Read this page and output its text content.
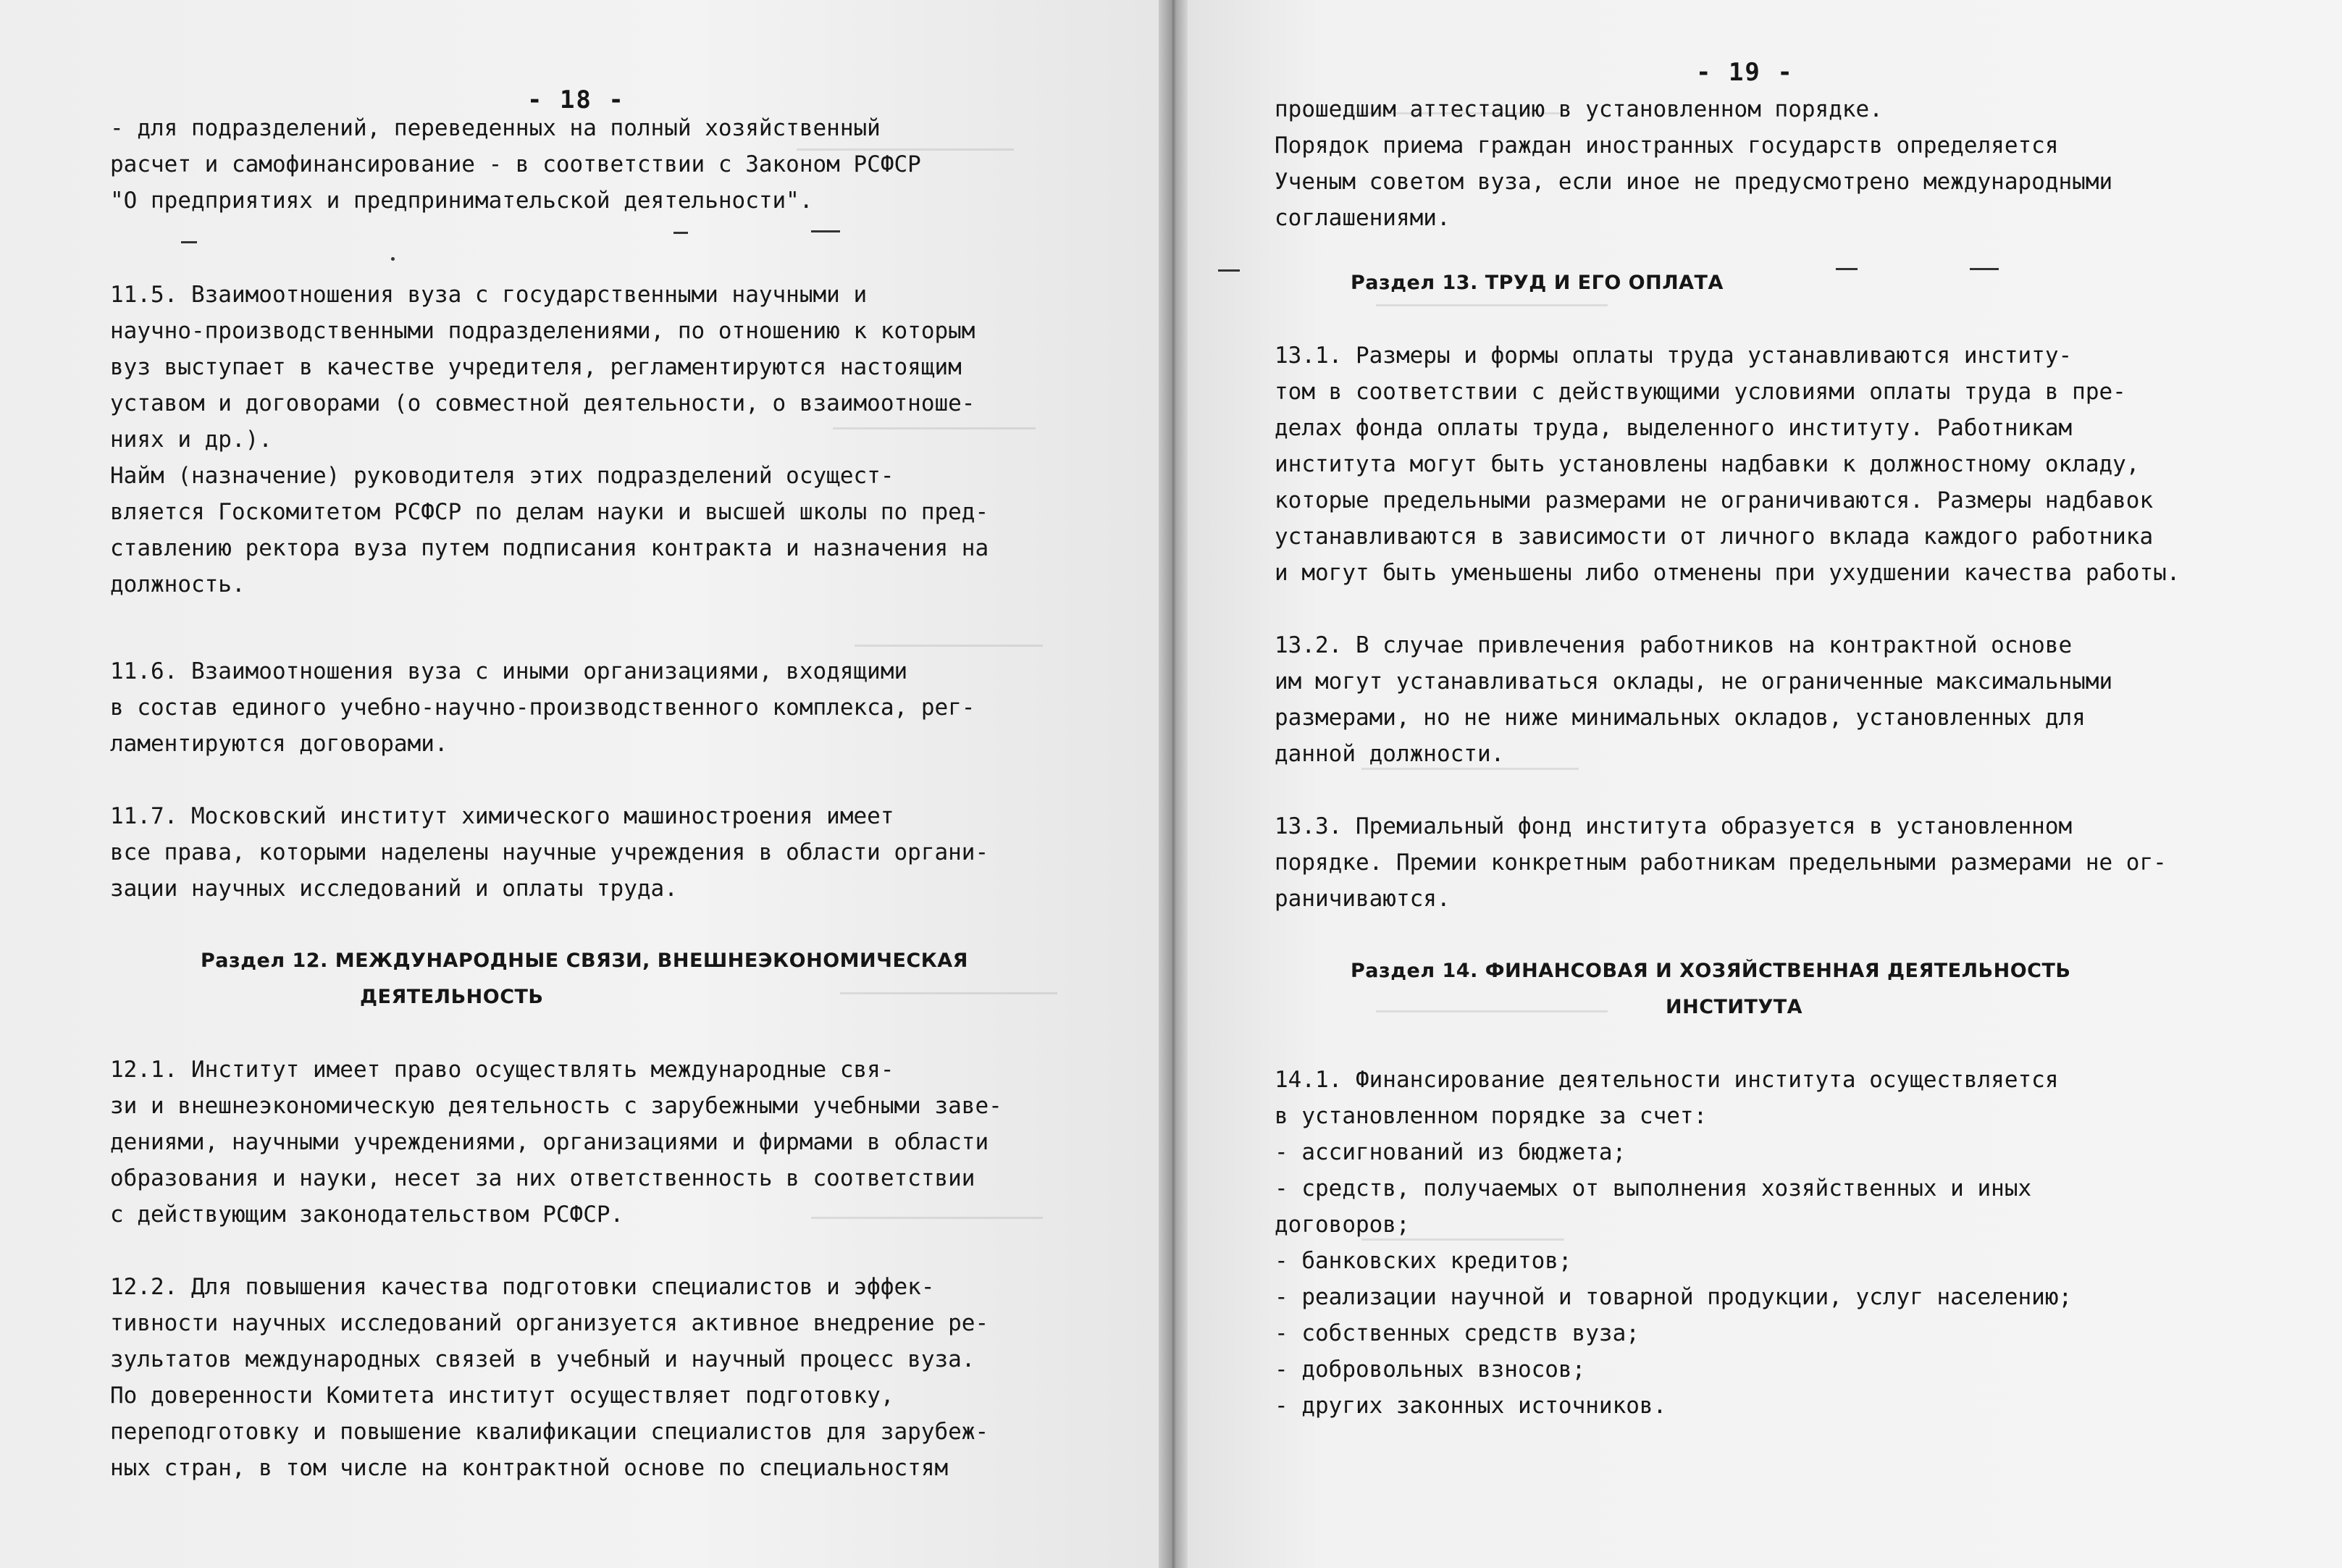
- 18 -

- для подразделений, переведенных на полный хозяйственный

расчет и самофинансирование - в соответствии с Законом РСФСР

"О предприятиях и предпринимательской деятельности".

11.5. Взаимоотношения вуза с государственными научными и

научно-производственными подразделениями, по отношению к которым

вуз выступает в качестве учредителя, регламентируются настоящим

уставом и договорами (о совместной деятельности, о взаимоотноше-

ниях и др.).

Найм (назначение) руководителя этих подразделений осущест-

вляется Госкомитетом РСФСР по делам науки и высшей школы по пред-

ставлению ректора вуза путем подписания контракта и назначения на

должность.

11.6. Взаимоотношения вуза с иными организациями, входящими

в состав единого учебно-научно-производственного комплекса, рег-

ламентируются договорами.

11.7. Московский институт химического машиностроения имеет

все права, которыми наделены научные учреждения в области органи-

зации научных исследований и оплаты труда.

Раздел 12. МЕЖДУНАРОДНЫЕ СВЯЗИ, ВНЕШНЕЭКОНОМИЧЕСКАЯ

ДЕЯТЕЛЬНОСТЬ

12.1. Институт имеет право осуществлять международные свя-

зи и внешнеэкономическую деятельность с зарубежными учебными заве-

дениями, научными учреждениями, организациями и фирмами в области

образования и науки, несет за них ответственность в соответствии

с действующим законодательством РСФСР.

12.2. Для повышения качества подготовки специалистов и эффек-

тивности научных исследований организуется активное внедрение ре-

зультатов международных связей в учебный и научный процесс вуза.

По доверенности Комитета институт осуществляет подготовку,

переподготовку и повышение квалификации специалистов для зарубеж-

ных стран, в том числе на контрактной основе по специальностям

- 19 -

прошедшим аттестацию в установленном порядке.

Порядок приема граждан иностранных государств определяется

Ученым советом вуза, если иное не предусмотрено международными

соглашениями.

Раздел 13. ТРУД И ЕГО ОПЛАТА

13.1. Размеры и формы оплаты труда устанавливаются институ-

том в соответствии с действующими условиями оплаты труда в пре-

делах фонда оплаты труда, выделенного институту. Работникам

института могут быть установлены надбавки к должностному окладу,

которые предельными размерами не ограничиваются. Размеры надбавок

устанавливаются в зависимости от личного вклада каждого работника

и могут быть уменьшены либо отменены при ухудшении качества работы.

13.2. В случае привлечения работников на контрактной основе

им могут устанавливаться оклады, не ограниченные максимальными

размерами, но не ниже минимальных окладов, установленных для

данной должности.

13.3. Премиальный фонд института образуется в установленном

порядке. Премии конкретным работникам предельными размерами не ог-

раничиваются.

Раздел 14. ФИНАНСОВАЯ И ХОЗЯЙСТВЕННАЯ ДЕЯТЕЛЬНОСТЬ

ИНСТИТУТА

14.1. Финансирование деятельности института осуществляется

в установленном порядке за счет:

- ассигнований из бюджета;

- средств, получаемых от выполнения хозяйственных и иных

договоров;

- банковских кредитов;

- реализации научной и товарной продукции, услуг населению;

- собственных средств вуза;

- добровольных взносов;

- других законных источников.
